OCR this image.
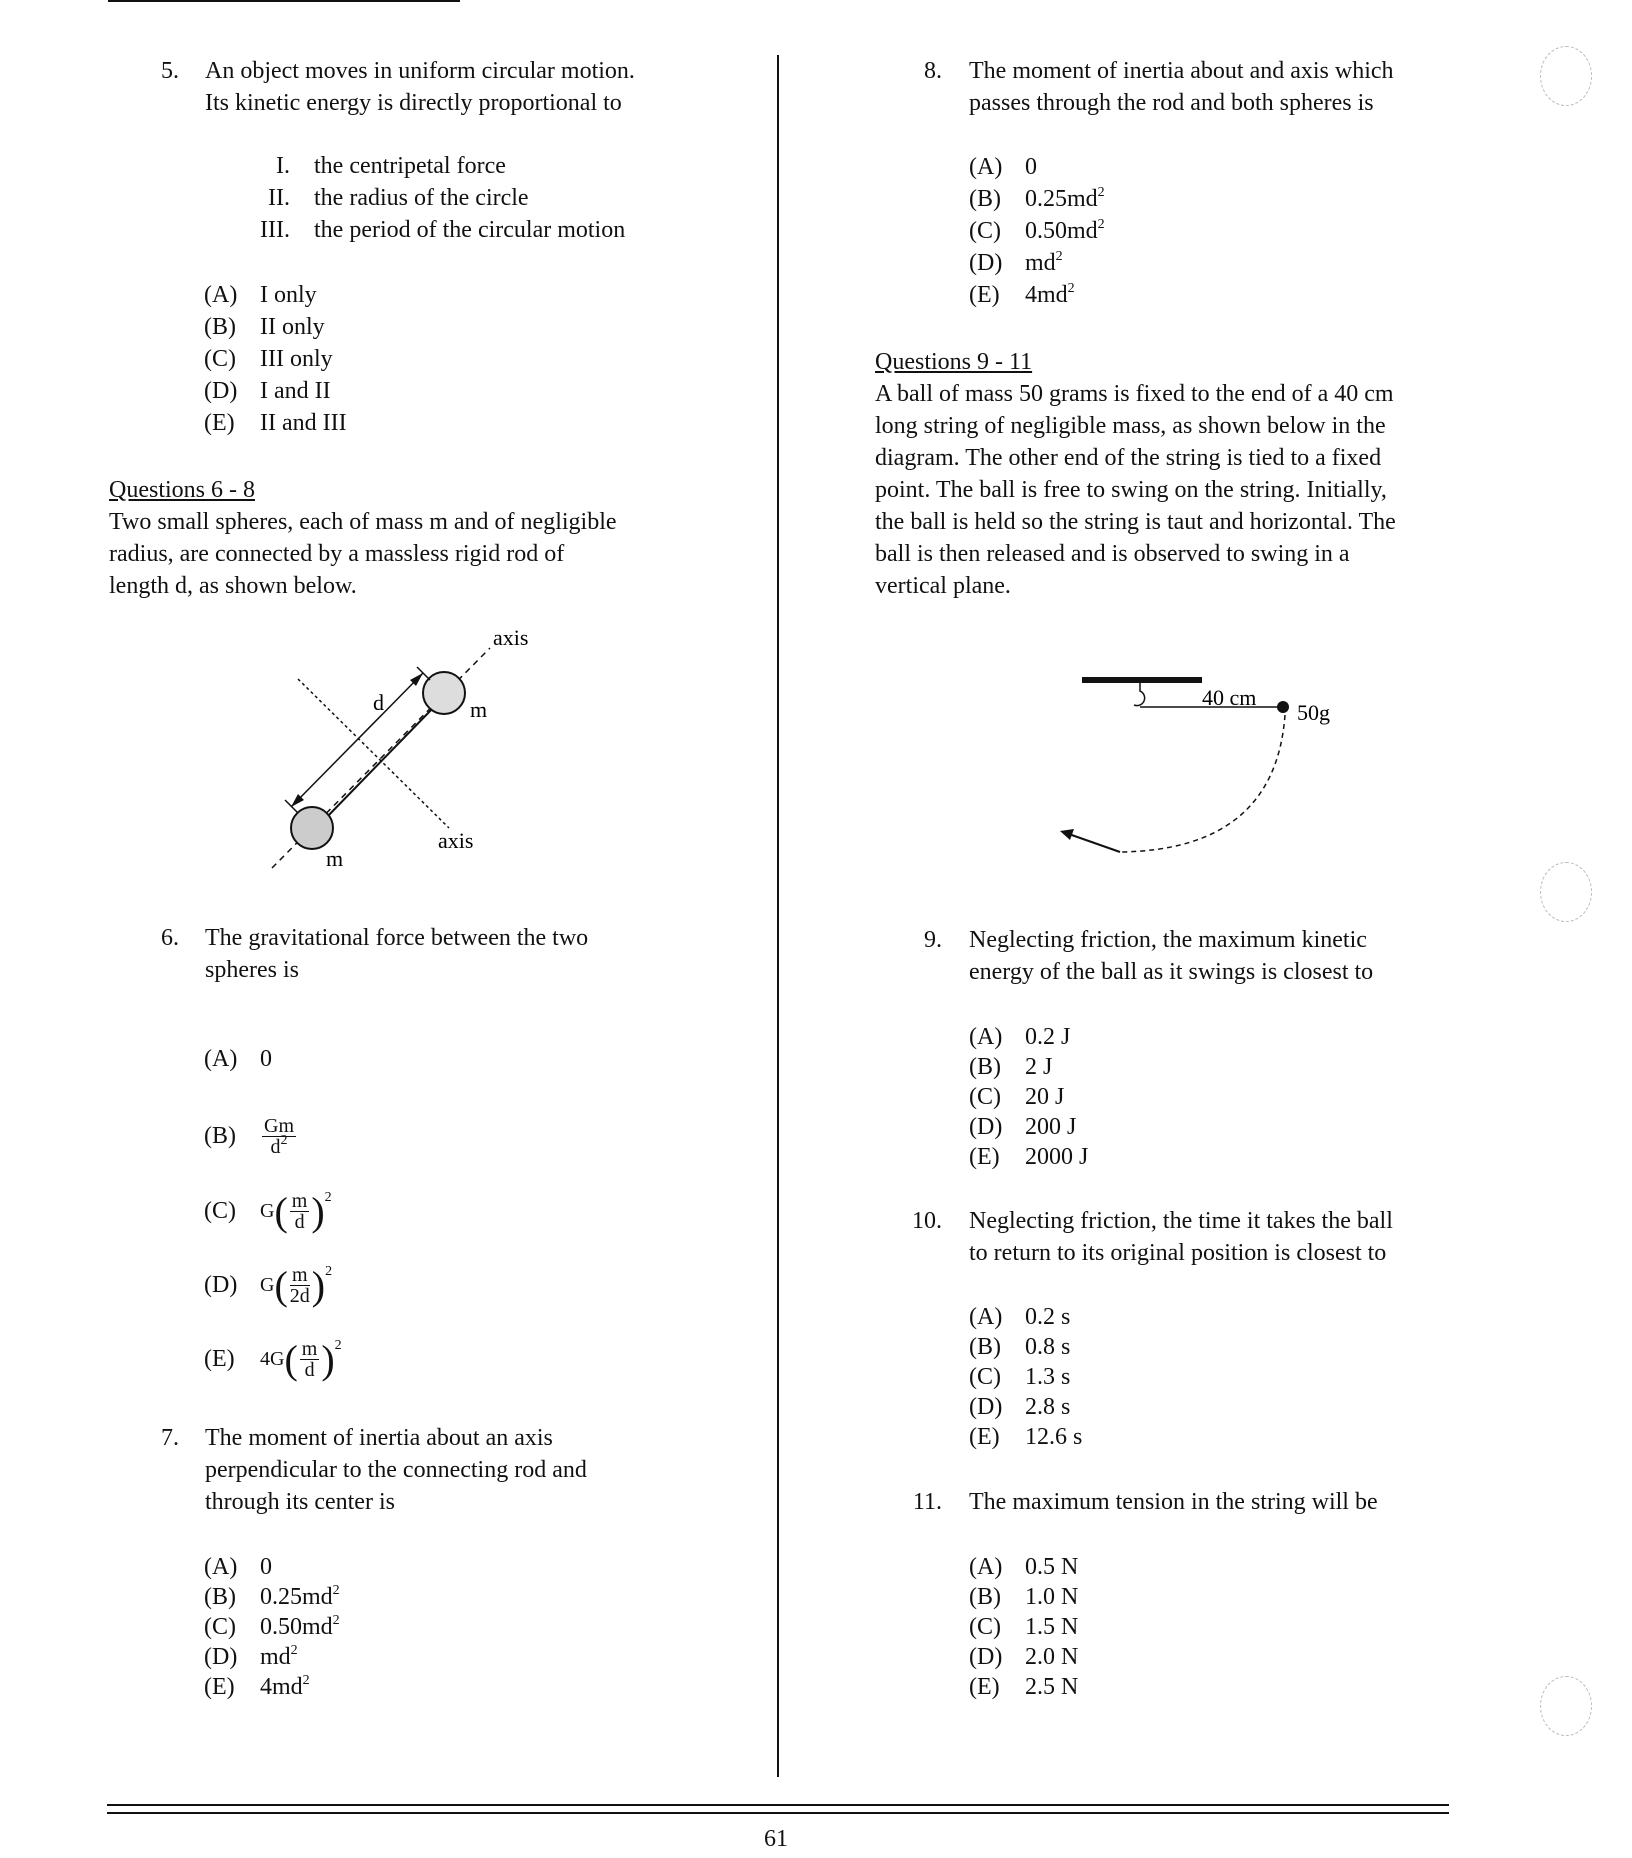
61
5. An object moves in uniform circular motion.
Its kinetic energy is directly proportional to
I. the centripetal force
II. the radius of the circle
III. the period of the circular motion
(A) I only
(B) II only
(C) III only
(D) I and II
(E) II and III
Questions 6 - 8
Two small spheres, each of mass m and of negligible
radius, are connected by a massless rigid rod of
length d, as shown below.
axis
axis
d	m
m
40 cm
50g
6. The gravitational force between the two
spheres is
(A) 0
(B)	$\frac{Gm}{d^2}$
(C)	G ( $\frac{m}{d}$ ) 2
(D)	G ( $\frac{m}{2d}$ ) 2
(E)	4G ( $\frac{m}{d}$ ) 2
7. The moment of inertia about an axis
perpendicular to the connecting rod and
through its center is
(A) 0
(B) $0.25md^2$
(C) $0.50md^2$
(D) $md^2$
(E) $4md^2$
8. The moment of inertia about and axis which
passes through the rod and both spheres is
(A) 0
(B) $0.25md^2$
(C) $0.50md^2$
(D) $md^2$
(E) $4md^2$
Questions 9 - 11
A ball of mass 50 grams is fixed to the end of a 40 cm
long string of negligible mass, as shown below in the
diagram. The other end of the string is tied to a fixed
point. The ball is free to swing on the string. Initially,
the ball is held so the string is taut and horizontal. The
ball is then released and is observed to swing in a
vertical plane.
9. Neglecting friction, the maximum kinetic
energy of the ball as it swings is closest to
(A) 0.2 J
(B) 2 J
(C) 20 J
(D) 200 J
(E) 2000 J
10. Neglecting friction, the time it takes the ball
to return to its original position is closest to
(A) 0.2 s
(B) 0.8 s
(C) 1.3 s
(D) 2.8 s
(E) 12.6 s
11. The maximum tension in the string will be
(A) 0.5 N
(B) 1.0 N
(C) 1.5 N
(D) 2.0 N
(E) 2.5 N
